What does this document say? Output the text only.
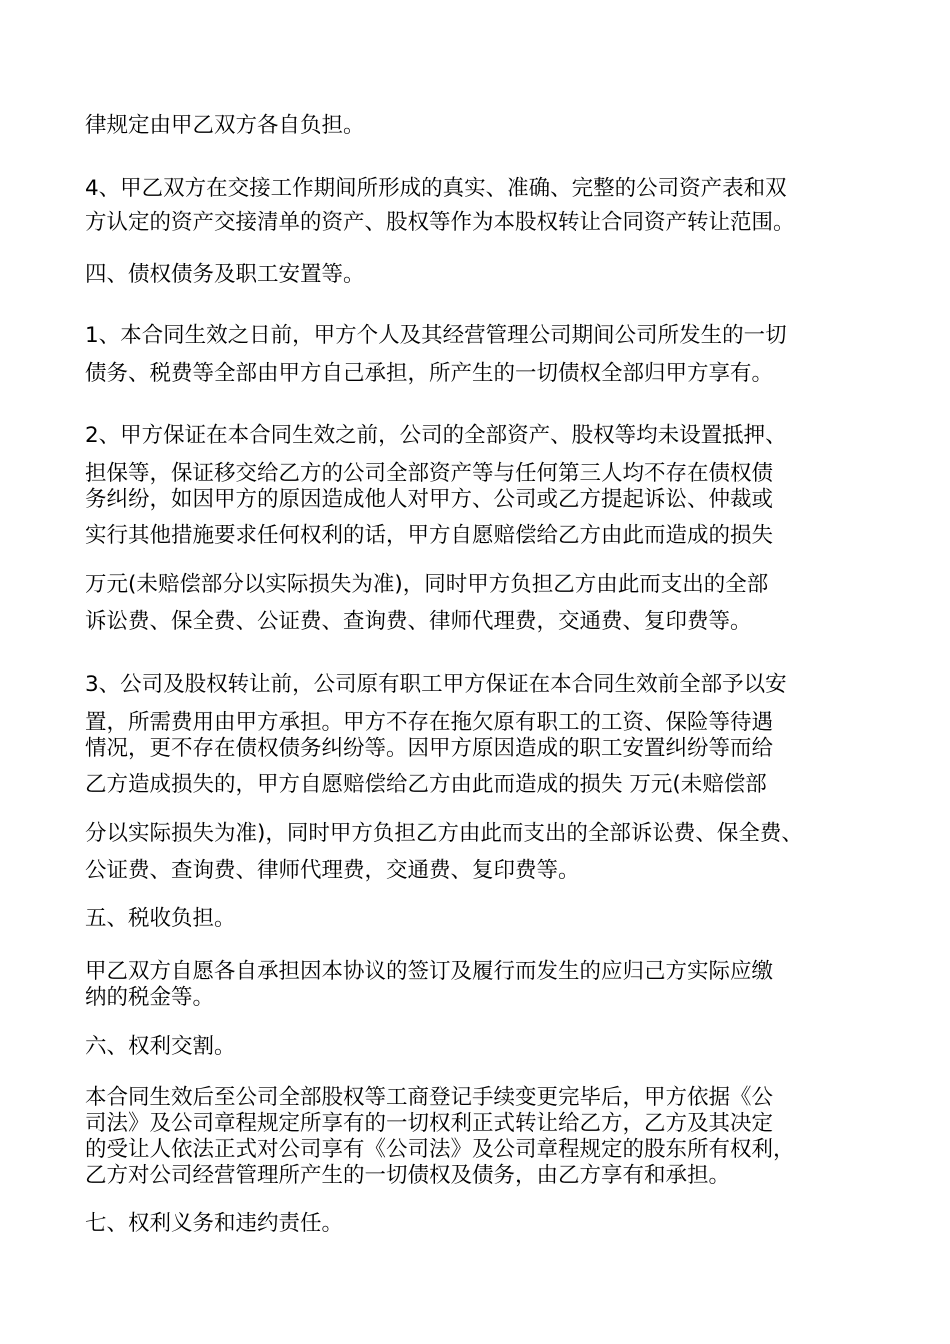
律规定由甲乙双方各自负担。

4、甲乙双方在交接工作期间所形成的真实、准确、完整的公司资产表和双

方认定的资产交接清单的资产、股权等作为本股权转让合同资产转让范围。

四、债权债务及职工安置等。

1、本合同生效之日前，甲方个人及其经营管理公司期间公司所发生的一切

债务、税费等全部由甲方自己承担，所产生的一切债权全部归甲方享有。

2、甲方保证在本合同生效之前，公司的全部资产、股权等均未设置抵押、

担保等，保证移交给乙方的公司全部资产等与任何第三人均不存在债权债

务纠纷，如因甲方的原因造成他人对甲方、公司或乙方提起诉讼、仲裁或

实行其他措施要求任何权利的话，甲方自愿赔偿给乙方由此而造成的损失

万元(未赔偿部分以实际损失为准)，同时甲方负担乙方由此而支出的全部

诉讼费、保全费、公证费、查询费、律师代理费，交通费、复印费等。

3、公司及股权转让前，公司原有职工甲方保证在本合同生效前全部予以安

置，所需费用由甲方承担。甲方不存在拖欠原有职工的工资、保险等待遇

情况，更不存在债权债务纠纷等。因甲方原因造成的职工安置纠纷等而给

乙方造成损失的，甲方自愿赔偿给乙方由此而造成的损失 万元(未赔偿部

分以实际损失为准)，同时甲方负担乙方由此而支出的全部诉讼费、保全费、

公证费、查询费、律师代理费，交通费、复印费等。

五、税收负担。

甲乙双方自愿各自承担因本协议的签订及履行而发生的应归己方实际应缴

纳的税金等。

六、权利交割。

本合同生效后至公司全部股权等工商登记手续变更完毕后，甲方依据《公

司法》及公司章程规定所享有的一切权利正式转让给乙方，乙方及其决定

的受让人依法正式对公司享有《公司法》及公司章程规定的股东所有权利，

乙方对公司经营管理所产生的一切债权及债务，由乙方享有和承担。

七、权利义务和违约责任。
